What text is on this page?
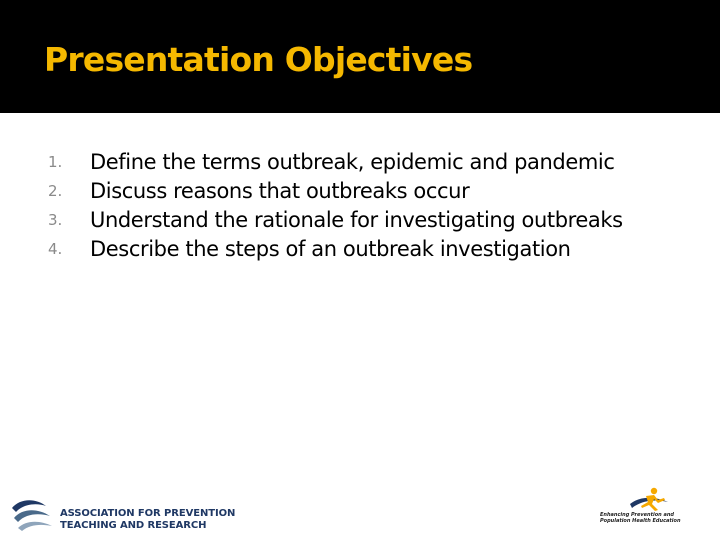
Presentation Objectives
1.	Define the terms outbreak, epidemic and pandemic
2.	Discuss reasons that outbreaks occur
3.	Understand the rationale for investigating outbreaks
4.	Describe the steps of an outbreak investigation
ASSOCIATION FOR PREVENTION
TEACHING AND RESEARCH
Enhancing Prevention and
Population Health Education
